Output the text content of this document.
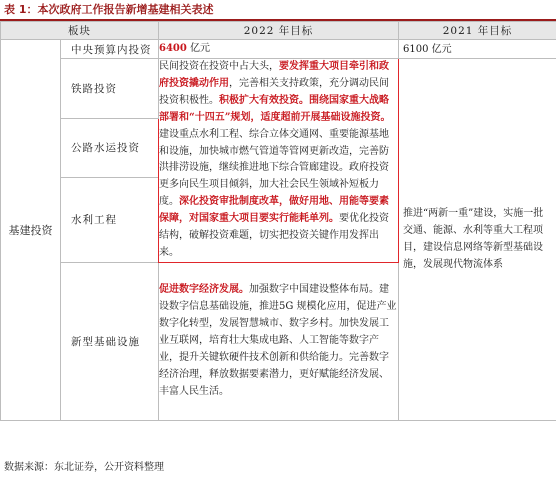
表 1：本次政府工作报告新增基建相关表述
板块		2022 年目标	2021 年目标
基建投资	中央预算内投资	6400 亿元	6100 亿元
	铁路投资	民间投资在投资中占大头，要发挥重大项目牵引和政府投资撬动作用，完善相关支持政策，充分调动民间投资积极性。积极扩大有效投资。围绕国家重大战略部署和“十四五”规划，适度超前开展基础设施投资。建设重点水利工程、综合立体交通网、重要能源基地和设施，加快城市燃气管道等管网更新改造，完善防洪排涝设施，继续推进地下综合管廊建设。政府投资更多向民生项目倾斜，加大社会民生领域补短板力度。深化投资审批制度改革，做好用地、用能等要素保障，对国家重大项目要实行能耗单列。要优化投资结构，破解投资难题，切实把投资关键作用发挥出来。	推进“两新一重”建设，实施一批交通、能源、水利等重大工程项目，建设信息网络等新型基础设施，发展现代物流体系

	公路水运投资		
	水利工程		
	新型基础设施	促进数字经济发展。加强数字中国建设整体布局。建设数字信息基础设施，推进5G 规模化应用，促进产业数字化转型，发展智慧城市、数字乡村。加快发展工业互联网，培育壮大集成电路、人工智能等数字产业，提升关键软硬件技术创新和供给能力。完善数字经济治理，释放数据要素潜力，更好赋能经济发展、丰富人民生活。	
数据来源：东北证券，公开资料整理
